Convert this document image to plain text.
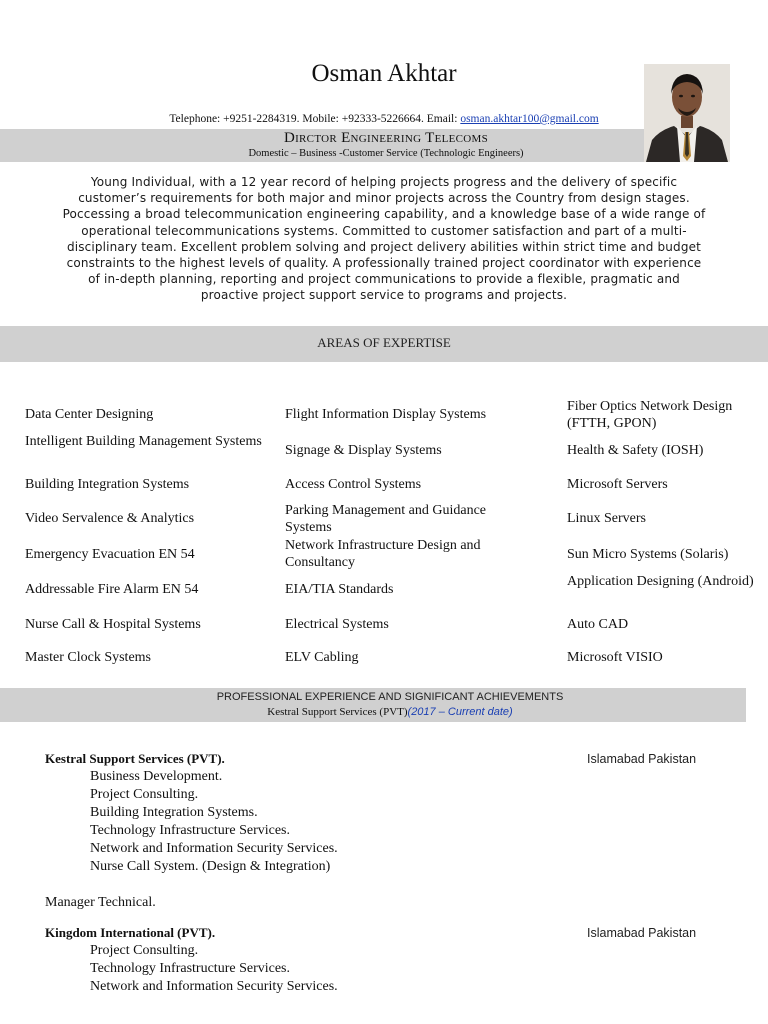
Osman Akhtar
Telephone: +9251-2284319. Mobile: +92333-5226664. Email: osman.akhtar100@gmail.com
Dirctor Engineering Telecoms
Domestic – Business -Customer Service (Technologic Engineers)
Young Individual, with a 12 year record of helping projects progress and the delivery of specific customer’s requirements for both major and minor projects across the Country from design stages. Poccessing a broad telecommunication engineering capability, and a knowledge base of a wide range of operational telecommunications systems. Committed to customer satisfaction and part of a multi-disciplinary team. Excellent problem solving and project delivery abilities within strict time and budget constraints to the highest levels of quality. A professionally trained project coordinator with experience of in-depth planning, reporting and project communications to provide a flexible, pragmatic and proactive project support service to programs and projects.
AREAS OF EXPERTISE
Data Center Designing
Intelligent Building Management Systems
Building Integration Systems
Video Servalence & Analytics
Emergency Evacuation EN 54
Addressable Fire Alarm EN 54
Nurse Call & Hospital Systems
Master Clock Systems
Flight Information Display Systems
Signage & Display Systems
Access Control Systems
Parking Management and Guidance Systems
Network Infrastructure Design and Consultancy
EIA/TIA Standards
Electrical Systems
ELV Cabling
Fiber Optics Network Design (FTTH, GPON)
Health & Safety (IOSH)
Microsoft Servers
Linux Servers
Sun Micro Systems (Solaris)
Application Designing (Android)
Auto CAD
Microsoft VISIO
PROFESSIONAL EXPERIENCE AND SIGNIFICANT ACHIEVEMENTS
Kestral Support Services (PVT)(2017 – Current date)
Kestral Support Services (PVT).	Islamabad Pakistan
Business Development.
Project Consulting.
Building Integration Systems.
Technology Infrastructure Services.
Network and Information Security Services.
Nurse Call System. (Design & Integration)
Manager Technical.
Kingdom International (PVT).	Islamabad Pakistan
Project Consulting.
Technology Infrastructure Services.
Network and Information Security Services.
